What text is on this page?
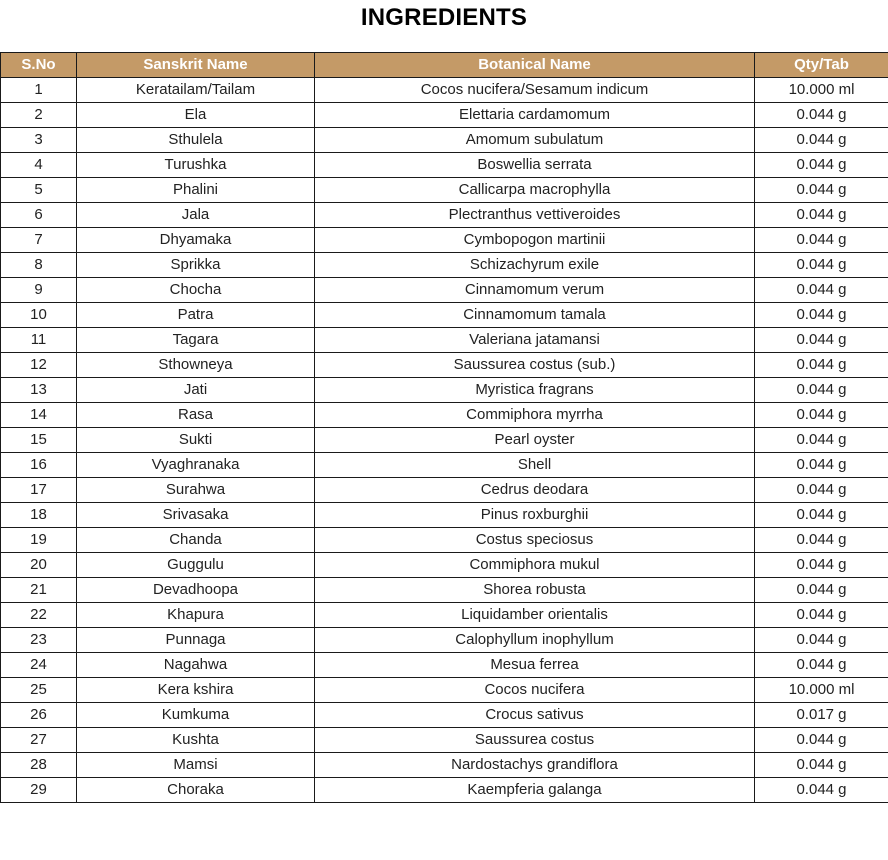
INGREDIENTS
S.No	Sanskrit Name	Botanical Name	Qty/Tab
1	Keratailam/Tailam	Cocos nucifera/Sesamum indicum	10.000 ml
2	Ela	Elettaria cardamomum	0.044 g
3	Sthulela	Amomum subulatum	0.044 g
4	Turushka	Boswellia serrata	0.044 g
5	Phalini	Callicarpa macrophylla	0.044 g
6	Jala	Plectranthus vettiveroides	0.044 g
7	Dhyamaka	Cymbopogon martinii	0.044 g
8	Sprikka	Schizachyrum exile	0.044 g
9	Chocha	Cinnamomum verum	0.044 g
10	Patra	Cinnamomum tamala	0.044 g
11	Tagara	Valeriana jatamansi	0.044 g
12	Sthowneya	Saussurea costus (sub.)	0.044 g
13	Jati	Myristica fragrans	0.044 g
14	Rasa	Commiphora myrrha	0.044 g
15	Sukti	Pearl oyster	0.044 g
16	Vyaghranaka	Shell	0.044 g
17	Surahwa	Cedrus deodara	0.044 g
18	Srivasaka	Pinus roxburghii	0.044 g
19	Chanda	Costus speciosus	0.044 g
20	Guggulu	Commiphora mukul	0.044 g
21	Devadhoopa	Shorea robusta	0.044 g
22	Khapura	Liquidamber orientalis	0.044 g
23	Punnaga	Calophyllum inophyllum	0.044 g
24	Nagahwa	Mesua ferrea	0.044 g
25	Kera kshira	Cocos nucifera	10.000 ml
26	Kumkuma	Crocus sativus	0.017 g
27	Kushta	Saussurea costus	0.044 g
28	Mamsi	Nardostachys grandiflora	0.044 g
29	Choraka	Kaempferia galanga	0.044 g
